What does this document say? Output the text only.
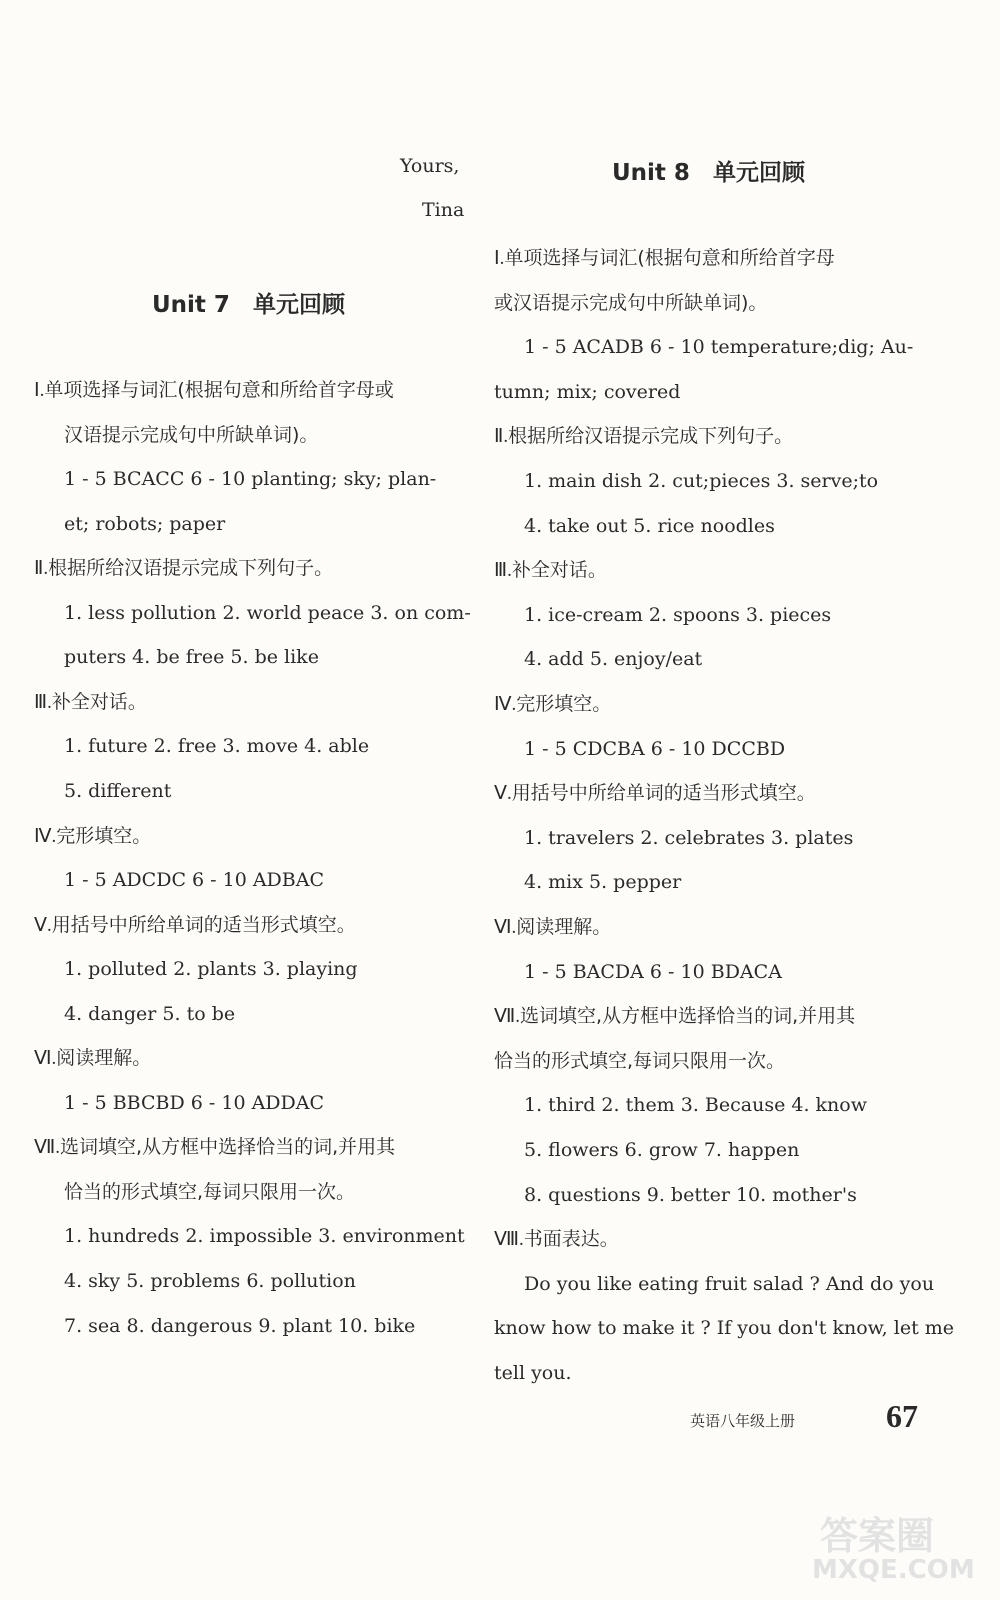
Yours,
Tina
Unit 7　单元回顾
Ⅰ.单项选择与词汇(根据句意和所给首字母或
汉语提示完成句中所缺单词)。
1 - 5 BCACC 6 - 10 planting; sky; plan-
et; robots; paper
Ⅱ.根据所给汉语提示完成下列句子。
1. less pollution 2. world peace 3. on com-
puters 4. be free 5. be like
Ⅲ.补全对话。
1. future 2. free 3. move 4. able
5. different
Ⅳ.完形填空。
1 - 5 ADCDC 6 - 10 ADBAC
Ⅴ.用括号中所给单词的适当形式填空。
1. polluted 2. plants 3. playing
4. danger 5. to be
Ⅵ.阅读理解。
1 - 5 BBCBD 6 - 10 ADDAC
Ⅶ.选词填空,从方框中选择恰当的词,并用其
恰当的形式填空,每词只限用一次。
1. hundreds 2. impossible 3. environment
4. sky 5. problems 6. pollution
7. sea 8. dangerous 9. plant 10. bike
Unit 8　单元回顾
Ⅰ.单项选择与词汇(根据句意和所给首字母
或汉语提示完成句中所缺单词)。
1 - 5 ACADB 6 - 10 temperature;dig; Au-
tumn; mix; covered
Ⅱ.根据所给汉语提示完成下列句子。
1. main dish 2. cut;pieces 3. serve;to
4. take out 5. rice noodles
Ⅲ.补全对话。
1. ice-cream 2. spoons 3. pieces
4. add 5. enjoy/eat
Ⅳ.完形填空。
1 - 5 CDCBA 6 - 10 DCCBD
Ⅴ.用括号中所给单词的适当形式填空。
1. travelers 2. celebrates 3. plates
4. mix 5. pepper
Ⅵ.阅读理解。
1 - 5 BACDA 6 - 10 BDACA
Ⅶ.选词填空,从方框中选择恰当的词,并用其
恰当的形式填空,每词只限用一次。
1. third 2. them 3. Because 4. know
5. flowers 6. grow 7. happen
8. questions 9. better 10. mother's
Ⅷ.书面表达。
Do you like eating fruit salad ? And do you
know how to make it ? If you don't know, let me
tell you.
英语八年级上册	67
答案圈
MXQE.COM
